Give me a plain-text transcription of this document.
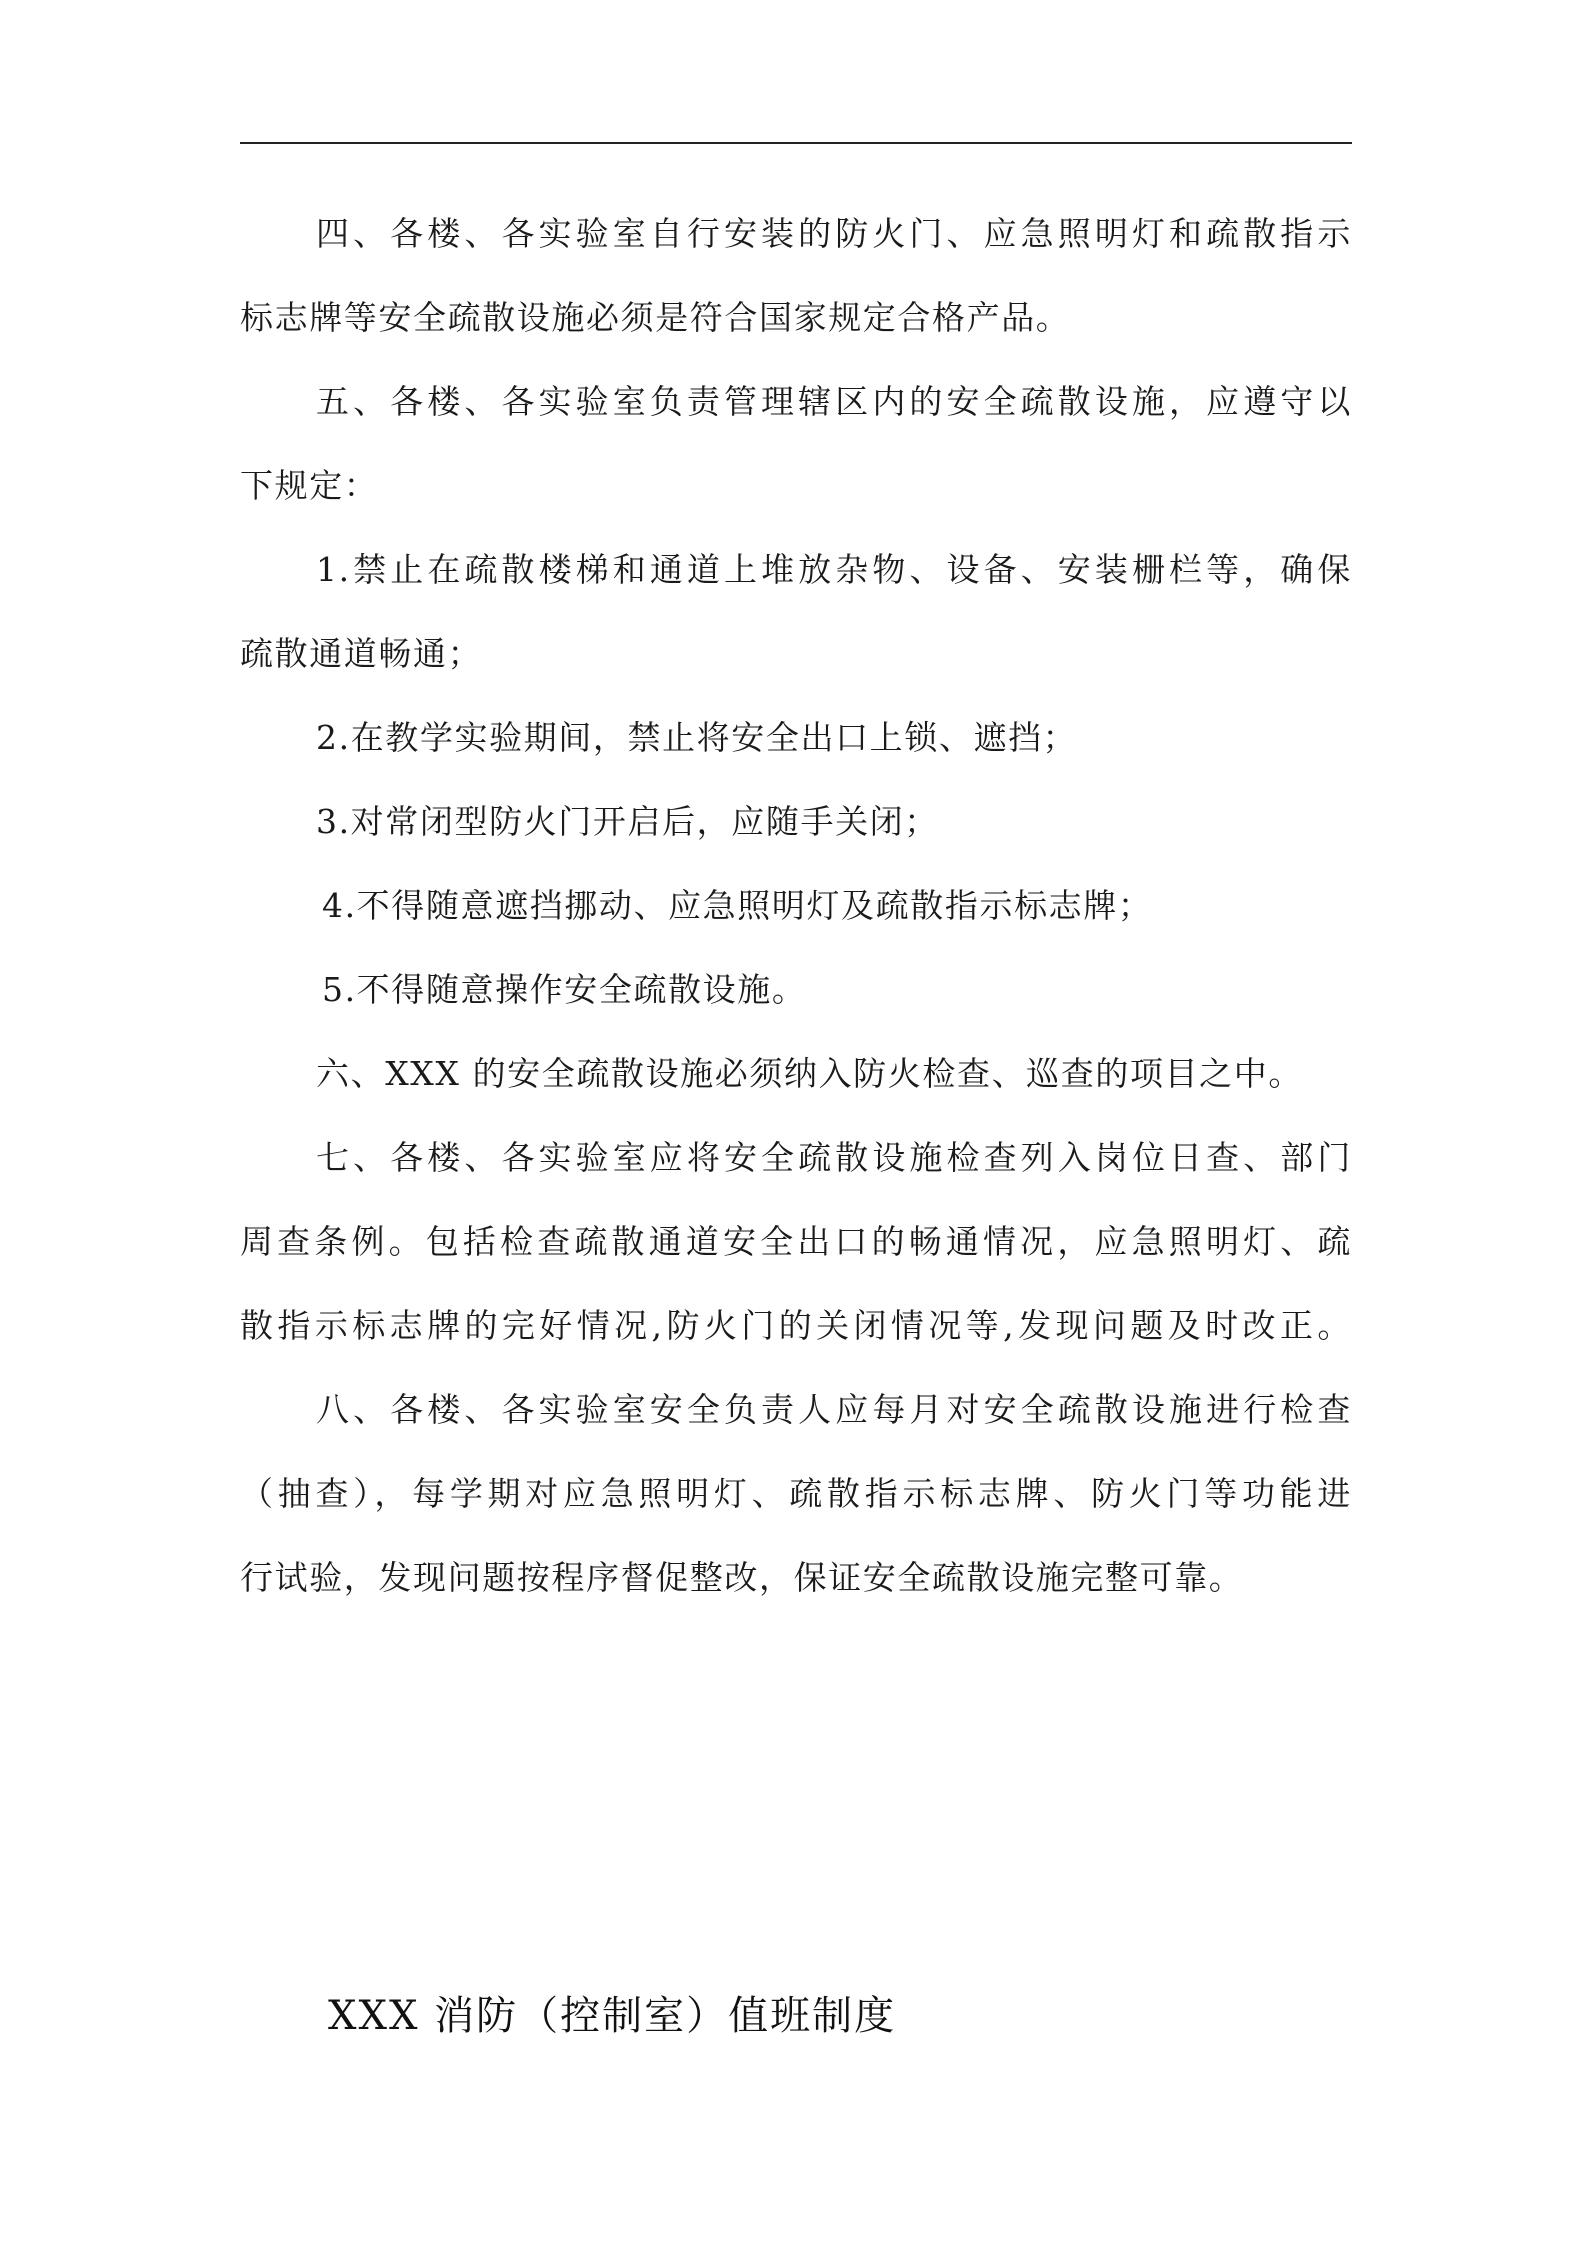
四、各楼、各实验室自行安装的防火门、应急照明灯和疏散指示
标志牌等安全疏散设施必须是符合国家规定合格产品。
五、各楼、各实验室负责管理辖区内的安全疏散设施，应遵守以
下规定：
1.禁止在疏散楼梯和通道上堆放杂物、设备、安装栅栏等，确保
疏散通道畅通；
2.在教学实验期间，禁止将安全出口上锁、遮挡；
3.对常闭型防火门开启后，应随手关闭；
4.不得随意遮挡挪动、应急照明灯及疏散指示标志牌；
5.不得随意操作安全疏散设施。
六、XXX 的安全疏散设施必须纳入防火检查、巡查的项目之中。
七、各楼、各实验室应将安全疏散设施检查列入岗位日查、部门
周查条例。包括检查疏散通道安全出口的畅通情况，应急照明灯、疏
散指示标志牌的完好情况,防火门的关闭情况等,发现问题及时改正。
八、各楼、各实验室安全负责人应每月对安全疏散设施进行检查
（抽查），每学期对应急照明灯、疏散指示标志牌、防火门等功能进
行试验，发现问题按程序督促整改，保证安全疏散设施完整可靠。
XXX 消防（控制室）值班制度
